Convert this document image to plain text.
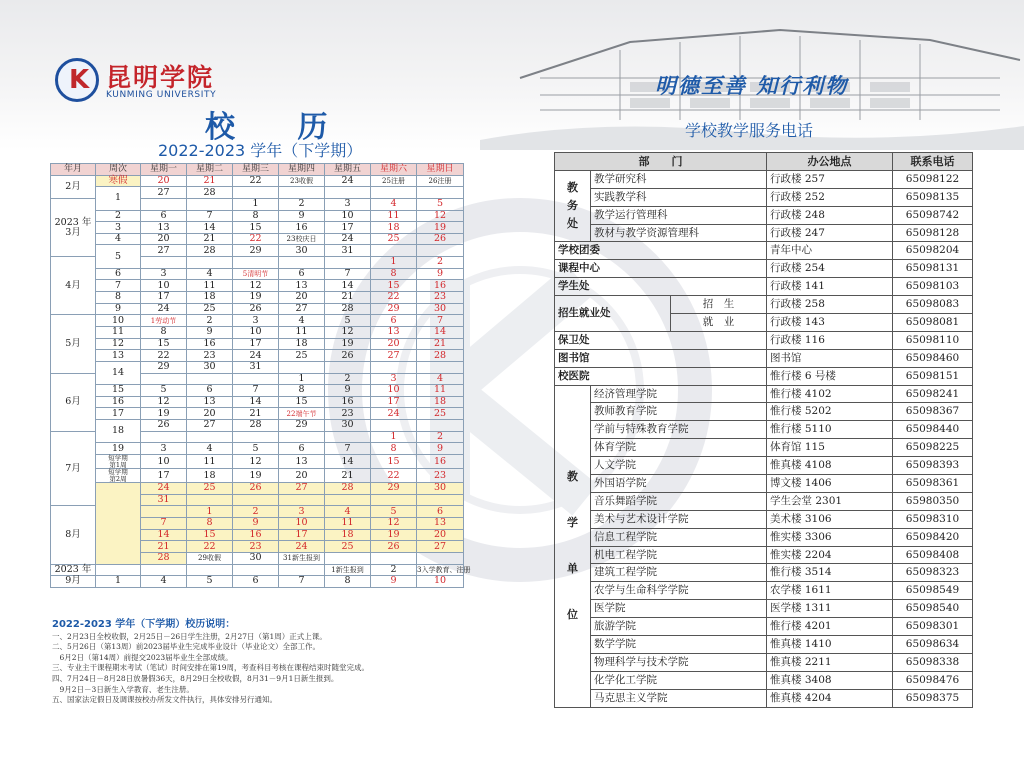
K 昆明学院
KUNMING UNIVERSITY
校 历
2022-2023 学年（下学期）
明德至善 知行利物
学校教学服务电话
年月	周次	星期一	星期二	星期三	星期四	星期五	星期六	星期日
2月	寒假	20	21	22	23收假	24	25注册	26注册
	1	27	28					
2023 年
3月				1	2	3	4	5
	2	6	7	8	9	10	11	12
	3	13	14	15	16	17	18	19
	4	20	21	22	23校庆日	24	25	26
	5	27	28	29	30	31		
4月							1	2
	6	3	4	5清明节	6	7	8	9
	7	10	11	12	13	14	15	16
	8	17	18	19	20	21	22	23
	9	24	25	26	27	28	29	30
5月	10	1劳动节	2	3	4	5	6	7
	11	8	9	10	11	12	13	14
	12	15	16	17	18	19	20	21
	13	22	23	24	25	26	27	28
	14	29	30	31				
6月					1	2	3	4
	15	5	6	7	8	9	10	11
	16	12	13	14	15	16	17	18
	17	19	20	21	22端午节	23	24	25
	18	26	27	28	29	30		
7月							1	2
	19	3	4	5	6	7	8	9
	短学期
第1周	10	11	12	13	14	15	16
	短学期
第2周	17	18	19	20	21	22	23
		24	25	26	27	28	29	30
		31						
8月			1	2	3	4	5	6
		7	8	9	10	11	12	13
		14	15	16	17	18	19	20
		21	22	23	24	25	26	27
		28	29收假	30	31新生报到			
2023 年						1新生报到	2	3入学教育、注册
9月	1	4	5	6	7	8	9	10
2022-2023 学年（下学期）校历说明：
一、2月23日全校收假，2月25日－26日学生注册，2月27日（第1周）正式上课。
二、5月26日（第13周）前2023届毕业生完成毕业设计（毕业论文）全部工作。
　6月2日（第14周）前提交2023届毕业生全部成绩。
三、专业主干课程期末考试（笔试）时间安排在第19周，考查科目考核在课程结束时随堂完成。
四、7月24日－8月28日放暑假36天，8月29日全校收假，8月31－9月1日新生报到。
　9月2日－3日新生入学教育、老生注册。
五、国家法定假日及调课按校办所发文件执行，具体安排另行通知。
部　　门			办公地点	联系电话
教
务
处	教学研究科		行政楼 257	65098122
	实践教学科		行政楼 252	65098135
	教学运行管理科		行政楼 248	65098742
	教材与教学资源管理科		行政楼 247	65098128
学校团委			青年中心	65098204
课程中心			行政楼 254	65098131
学生处			行政楼 141	65098103
招生就业处		招　生	行政楼 258	65098083
		就　业	行政楼 143	65098081
保卫处			行政楼 116	65098110
图书馆			图书馆	65098460
校医院			惟行楼 6 号楼	65098151
教
学
单
位	经济管理学院		惟行楼 4102	65098241
	教师教育学院		惟行楼 5202	65098367
	学前与特殊教育学院		惟行楼 5110	65098440
	体育学院		体育馆 115	65098225
	人文学院		惟真楼 4108	65098393
	外国语学院		博文楼 1406	65098361
	音乐舞蹈学院		学生会堂 2301	65980350
	美术与艺术设计学院		美术楼 3106	65098310
	信息工程学院		惟实楼 3306	65098420
	机电工程学院		惟实楼 2204	65098408
	建筑工程学院		惟行楼 3514	65098323
	农学与生命科学学院		农学楼 1611	65098549
	医学院		医学楼 1311	65098540
	旅游学院		惟行楼 4201	65098301
	数学学院		惟真楼 1410	65098634
	物理科学与技术学院		惟真楼 2211	65098338
	化学化工学院		惟真楼 3408	65098476
	马克思主义学院		惟真楼 4204	65098375
